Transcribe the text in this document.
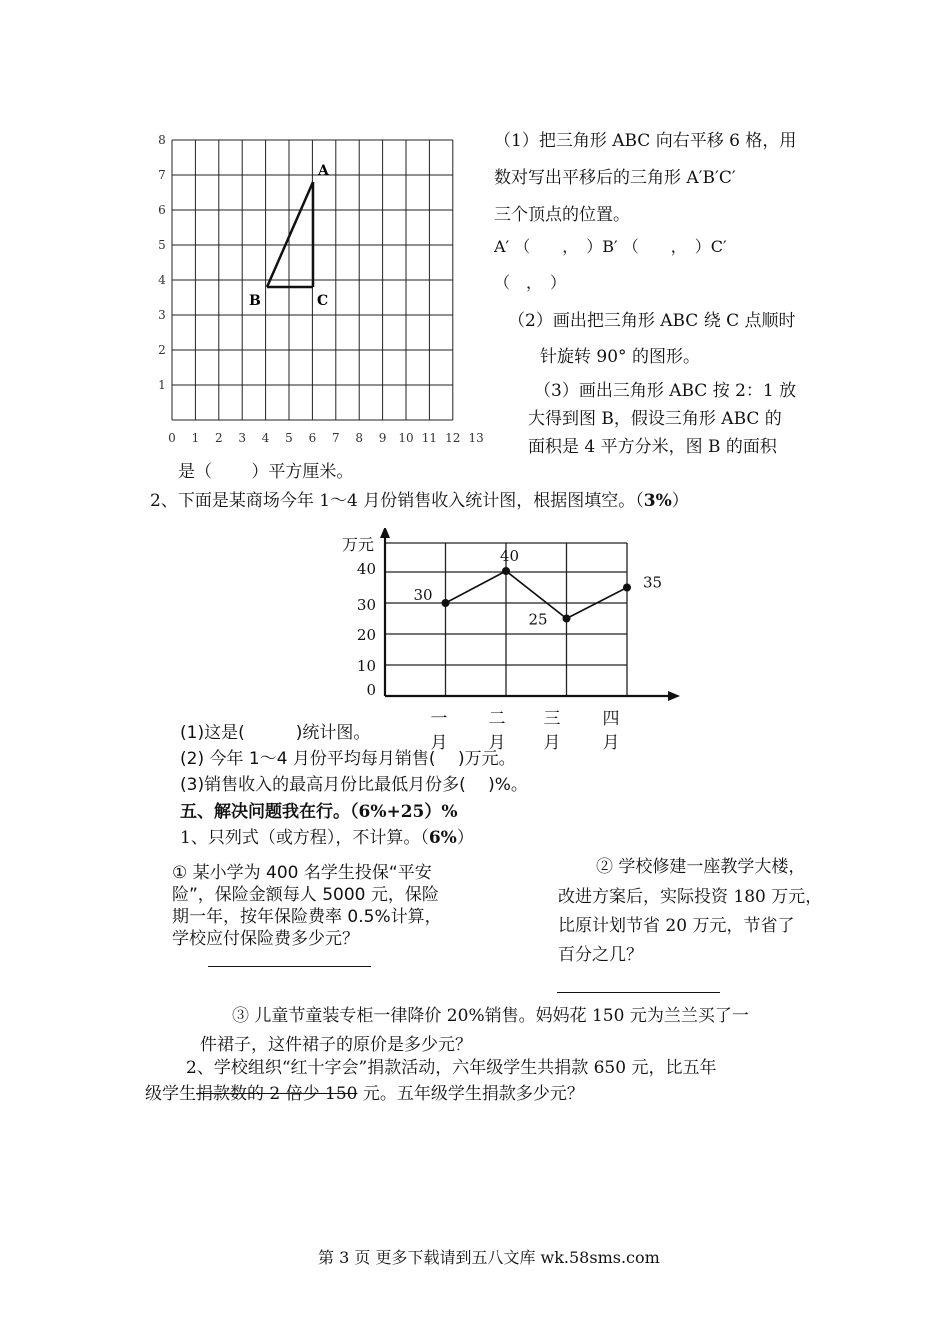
0 1 2 3 4 5 6 7 8 9 10 11 12 13
1
2
3
4
5
6
7
8
A
B	C
（1）把三角形 ABC 向右平移 6 格，用
数对写出平移后的三角形 A′B′C′
三个顶点的位置。
A′ （　　，　）B′ （　　，　）C′
（　，　）
（2）画出把三角形 ABC 绕 C 点顺时
针旋转 90° 的图形。
（3）画出三角形 ABC 按 2：1 放
大得到图 B，假设三角形 ABC 的
面积是 4 平方分米，图 B 的面积
是（　　 ）平方厘米。
2、下面是某商场今年 1～4 月份销售收入统计图，根据图填空。（3%）
万元
0
10
20
30
40
30
40
25
35
一
月
二
月
三
月
四
月
(1)这是(　　　)统计图。
(2) 今年 1～4 月份平均每月销售(　 )万元。
(3)销售收入的最高月份比最低月份多(　 )%。
五、解决问题我在行。（6%+25）%
1、只列式（或方程），不计算。（6%）
① 某小学为 400 名学生投保“平安
险”，保险金额每人 5000 元，保险
期一年，按年保险费率 0.5%计算，
学校应付保险费多少元？
② 学校修建一座教学大楼，
改进方案后，实际投资 180 万元，
比原计划节省 20 万元，节省了
百分之几？
③ 儿童节童装专柜一律降价 20%销售。妈妈花 150 元为兰兰买了一
件裙子，这件裙子的原价是多少元？
2、学校组织“红十字会”捐款活动，六年级学生共捐款 650 元，比五年
级学生捐款数的 2 倍少 150 元。五年级学生捐款多少元？
第 3 页 更多下载请到五八文库 wk.58sms.com
